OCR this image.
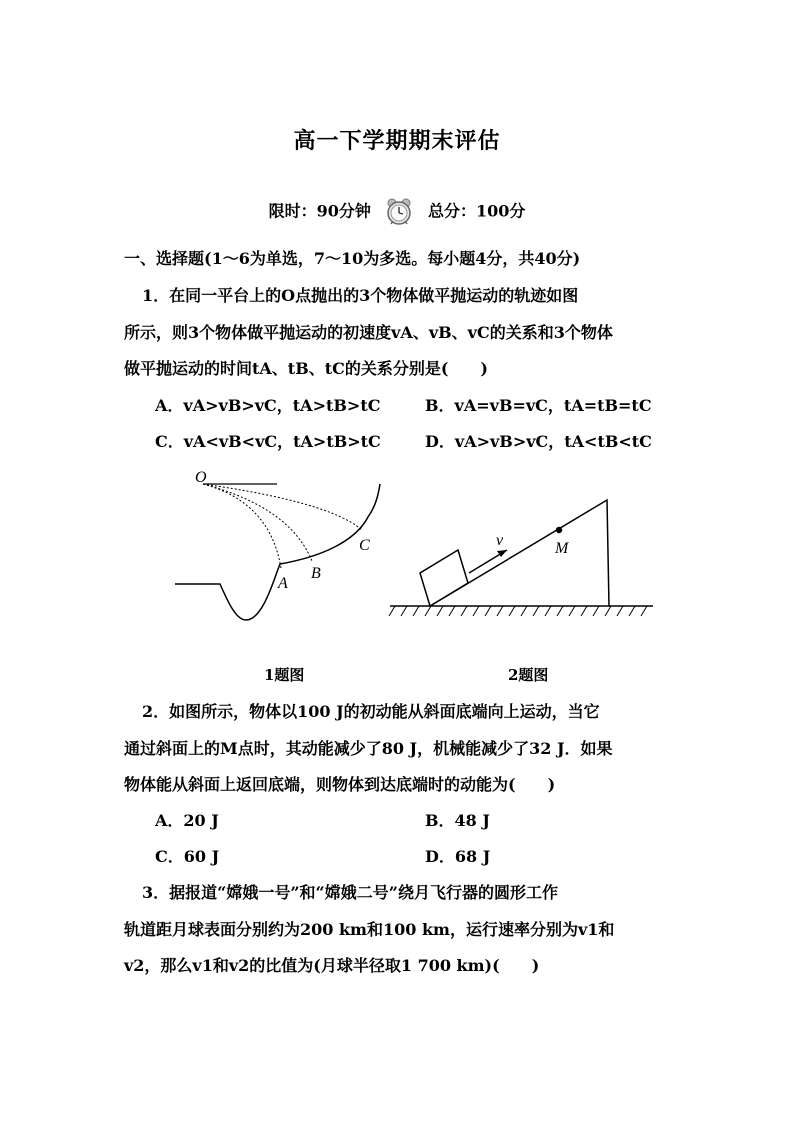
高一下学期期末评估
限时：90分钟	总分：100分
一、选择题(1～6为单选，7～10为多选。每小题4分，共40分)
1．在同一平台上的O点抛出的3个物体做平抛运动的轨迹如图
所示，则3个物体做平抛运动的初速度vA、vB、vC的关系和3个物体
做平抛运动的时间tA、tB、tC的关系分别是(　　)
A．vA>vB>vC，tA>tB>tC	B．vA=vB=vC，tA=tB=tC
C．vA<vB<vC，tA>tB>tC	D．vA>vB>vC，tA<tB<tC
O
A
B
C	v	M
1题图	2题图
2．如图所示，物体以100 J的初动能从斜面底端向上运动，当它
通过斜面上的M点时，其动能减少了80 J，机械能减少了32 J．如果
物体能从斜面上返回底端，则物体到达底端时的动能为(　　)
A．20 J	B．48 J
C．60 J	D．68 J
3．据报道“嫦娥一号”和“嫦娥二号”绕月飞行器的圆形工作
轨道距月球表面分别约为200 km和100 km，运行速率分别为v1和
v2，那么v1和v2的比值为(月球半径取1 700 km)(　　)
